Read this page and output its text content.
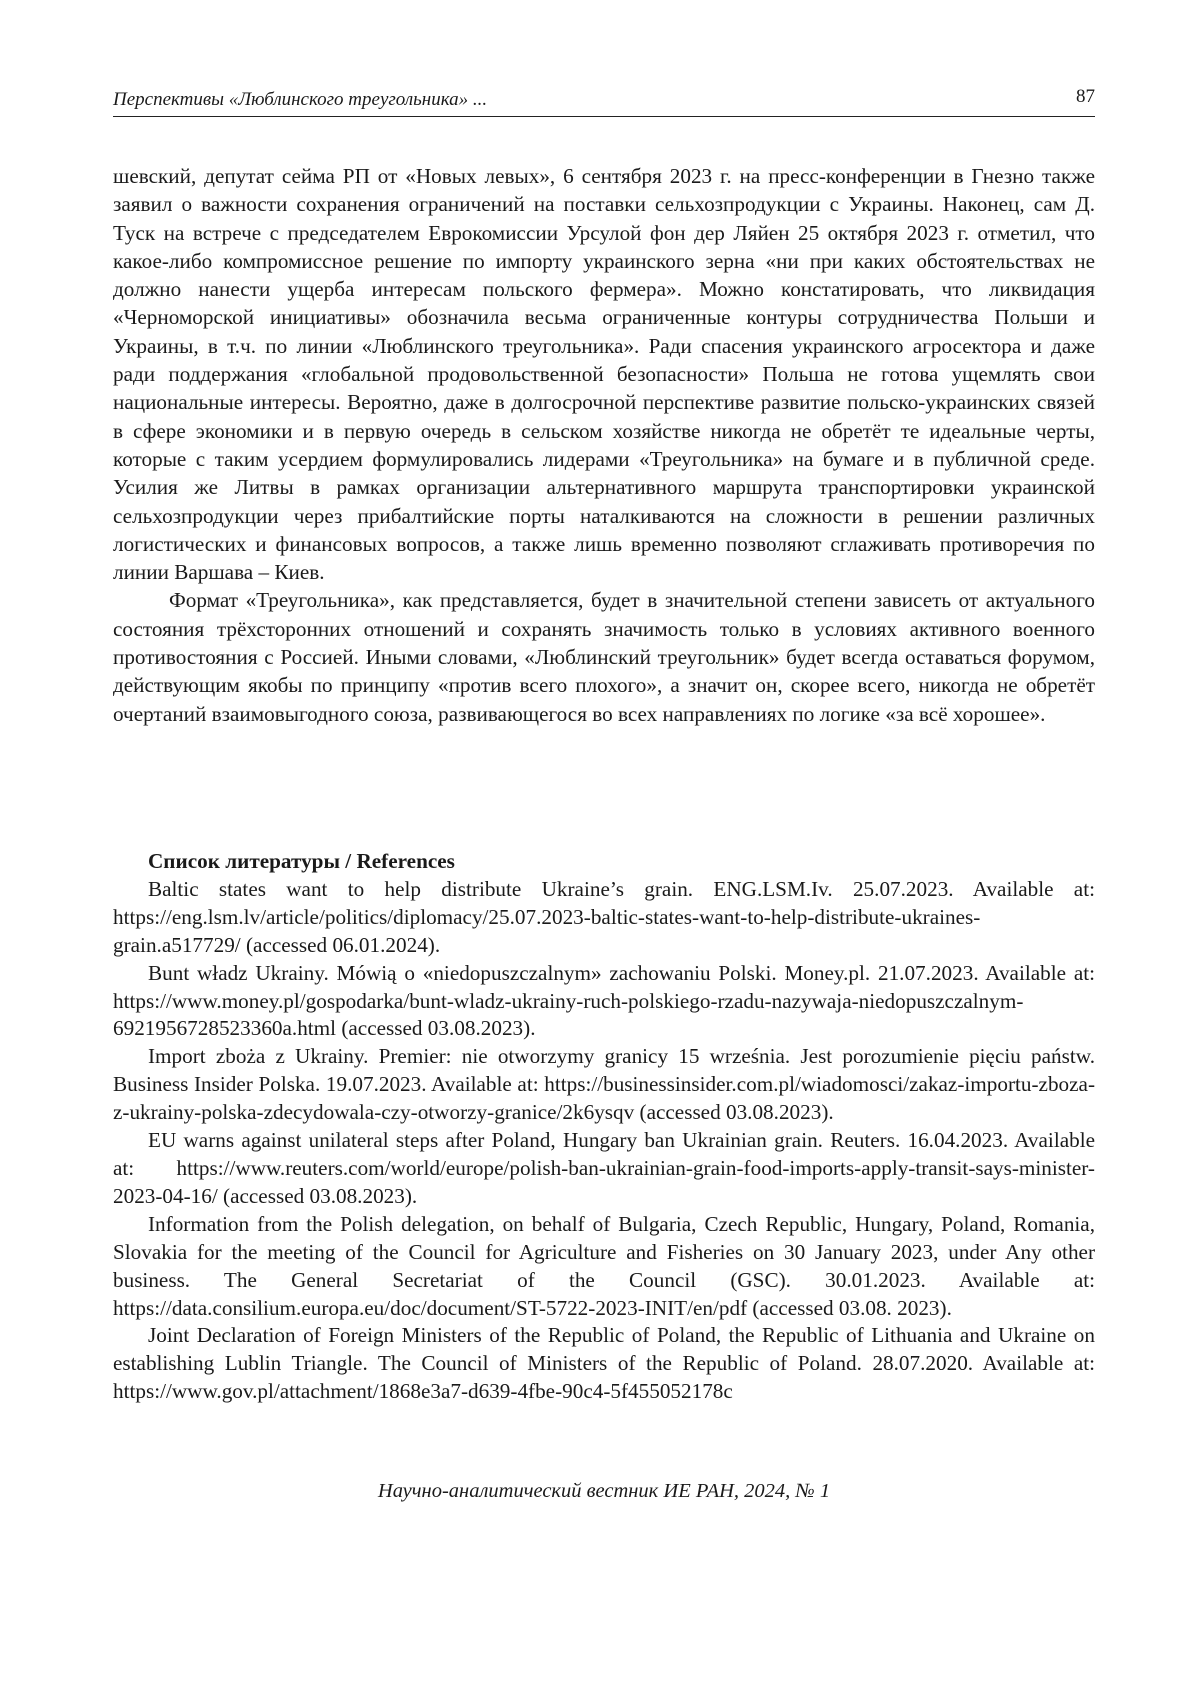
Перспективы «Люблинского треугольника» ...	87

шевский, депутат сейма РП от «Новых левых», 6 сентября 2023 г. на пресс-конференции в Гнезно также заявил о важности сохранения ограничений на поставки сельхозпродукции с Украины. Наконец, сам Д. Туск на встрече с председателем Еврокомиссии Урсулой фон дер Ляйен 25 октября 2023 г. отметил, что какое-либо компромиссное решение по импорту украинского зерна «ни при каких обстоятельствах не должно нанести ущерба интересам польского фермера». Можно констатировать, что ликвидация «Черноморской инициативы» обозначила весьма ограниченные контуры сотрудничества Польши и Украины, в т.ч. по линии «Люблинского треугольника». Ради спасения украинского агросектора и даже ради поддержания «глобальной продовольственной безопасности» Польша не готова ущемлять свои национальные интересы. Вероятно, даже в долгосрочной перспективе развитие польско-украинских связей в сфере экономики и в первую очередь в сельском хозяйстве никогда не обретёт те идеальные черты, которые с таким усердием формулировались лидерами «Треугольника» на бумаге и в публичной среде. Усилия же Литвы в рамках организации альтернативного маршрута транспортировки украинской сельхозпродукции через прибалтийские порты наталкиваются на сложности в решении различных логистических и финансовых вопросов, а также лишь временно позволяют сглаживать противоречия по линии Варшава – Киев.

Формат «Треугольника», как представляется, будет в значительной степени зависеть от актуального состояния трёхсторонних отношений и сохранять значимость только в условиях активного военного противостояния с Россией. Иными словами, «Люблинский треугольник» будет всегда оставаться форумом, действующим якобы по принципу «против всего плохого», а значит он, скорее всего, никогда не обретёт очертаний взаимовыгодного союза, развивающегося во всех направлениях по логике «за всё хорошее».

Список литературы / References

Baltic states want to help distribute Ukraine’s grain. ENG.LSM.Iv. 25.07.2023. Available at: https://eng.lsm.lv/article/politics/diplomacy/25.07.2023-baltic-states-want-to-help-distribute-ukraines-grain.a517729/ (accessed 06.01.2024).

Bunt władz Ukrainy. Mówią o «niedopuszczalnym» zachowaniu Polski. Money.pl. 21.07.2023. Available at: https://www.money.pl/gospodarka/bunt-wladz-ukrainy-ruch-polskiego-rzadu-nazywaja-niedopuszczalnym-6921956728523360a.html (accessed 03.08.2023).

Import zboża z Ukrainy. Premier: nie otworzymy granicy 15 września. Jest porozumienie pięciu państw. Business Insider Polska. 19.07.2023. Available at: https://businessinsider.com.pl/wiadomosci/zakaz-importu-zboza-z-ukrainy-polska-zdecydowala-czy-otworzy-granice/2k6ysqv (accessed 03.08.2023).

EU warns against unilateral steps after Poland, Hungary ban Ukrainian grain. Reuters. 16.04.2023. Available at: https://www.reuters.com/world/europe/polish-ban-ukrainian-grain-food-imports-apply-transit-says-minister-2023-04-16/ (accessed 03.08.2023).

Information from the Polish delegation, on behalf of Bulgaria, Czech Republic, Hungary, Poland, Romania, Slovakia for the meeting of the Council for Agriculture and Fisheries on 30 January 2023, under Any other business. The General Secretariat of the Council (GSC). 30.01.2023. Available at: https://data.consilium.europa.eu/doc/document/ST-5722-2023-INIT/en/pdf (accessed 03.08. 2023).

Joint Declaration of Foreign Ministers of the Republic of Poland, the Republic of Lithuania and Ukraine on establishing Lublin Triangle. The Council of Ministers of the Republic of Poland. 28.07.2020. Available at: https://www.gov.pl/attachment/1868e3a7-d639-4fbe-90c4-5f455052178c

Научно-аналитический вестник ИЕ РАН, 2024, № 1
